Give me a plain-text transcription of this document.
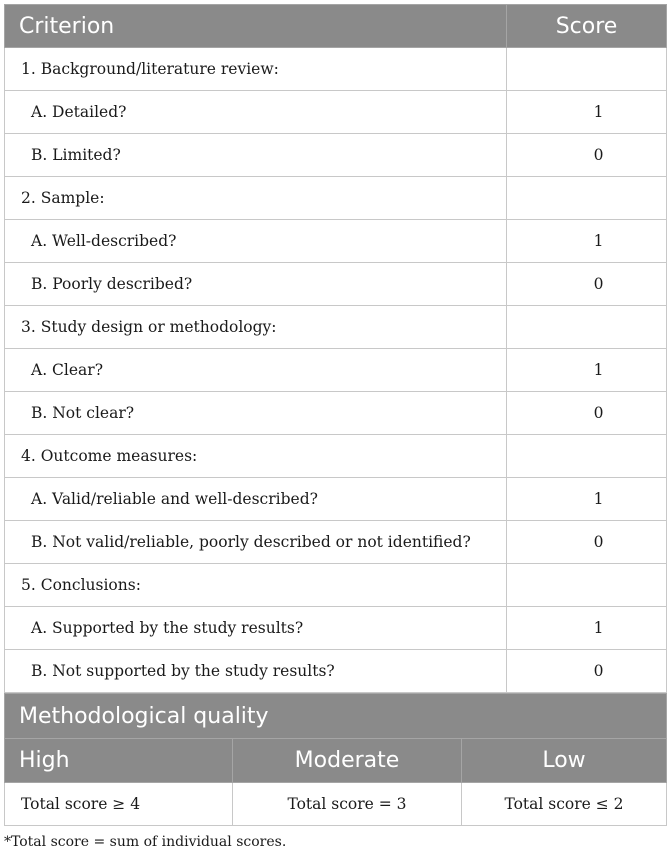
Criterion	Score
1. Background/literature review:	
A. Detailed?	1
B. Limited?	0
2. Sample:	
A. Well-described?	1
B. Poorly described?	0
3. Study design or methodology:	
A. Clear?	1
B. Not clear?	0
4. Outcome measures:	
A. Valid/reliable and well-described?	1
B. Not valid/reliable, poorly described or not identified?	0
5. Conclusions:	
A. Supported by the study results?	1
B. Not supported by the study results?	0
Methodological quality		
High	Moderate	Low
Total score ≥ 4	Total score = 3	Total score ≤ 2
*Total score = sum of individual scores.
